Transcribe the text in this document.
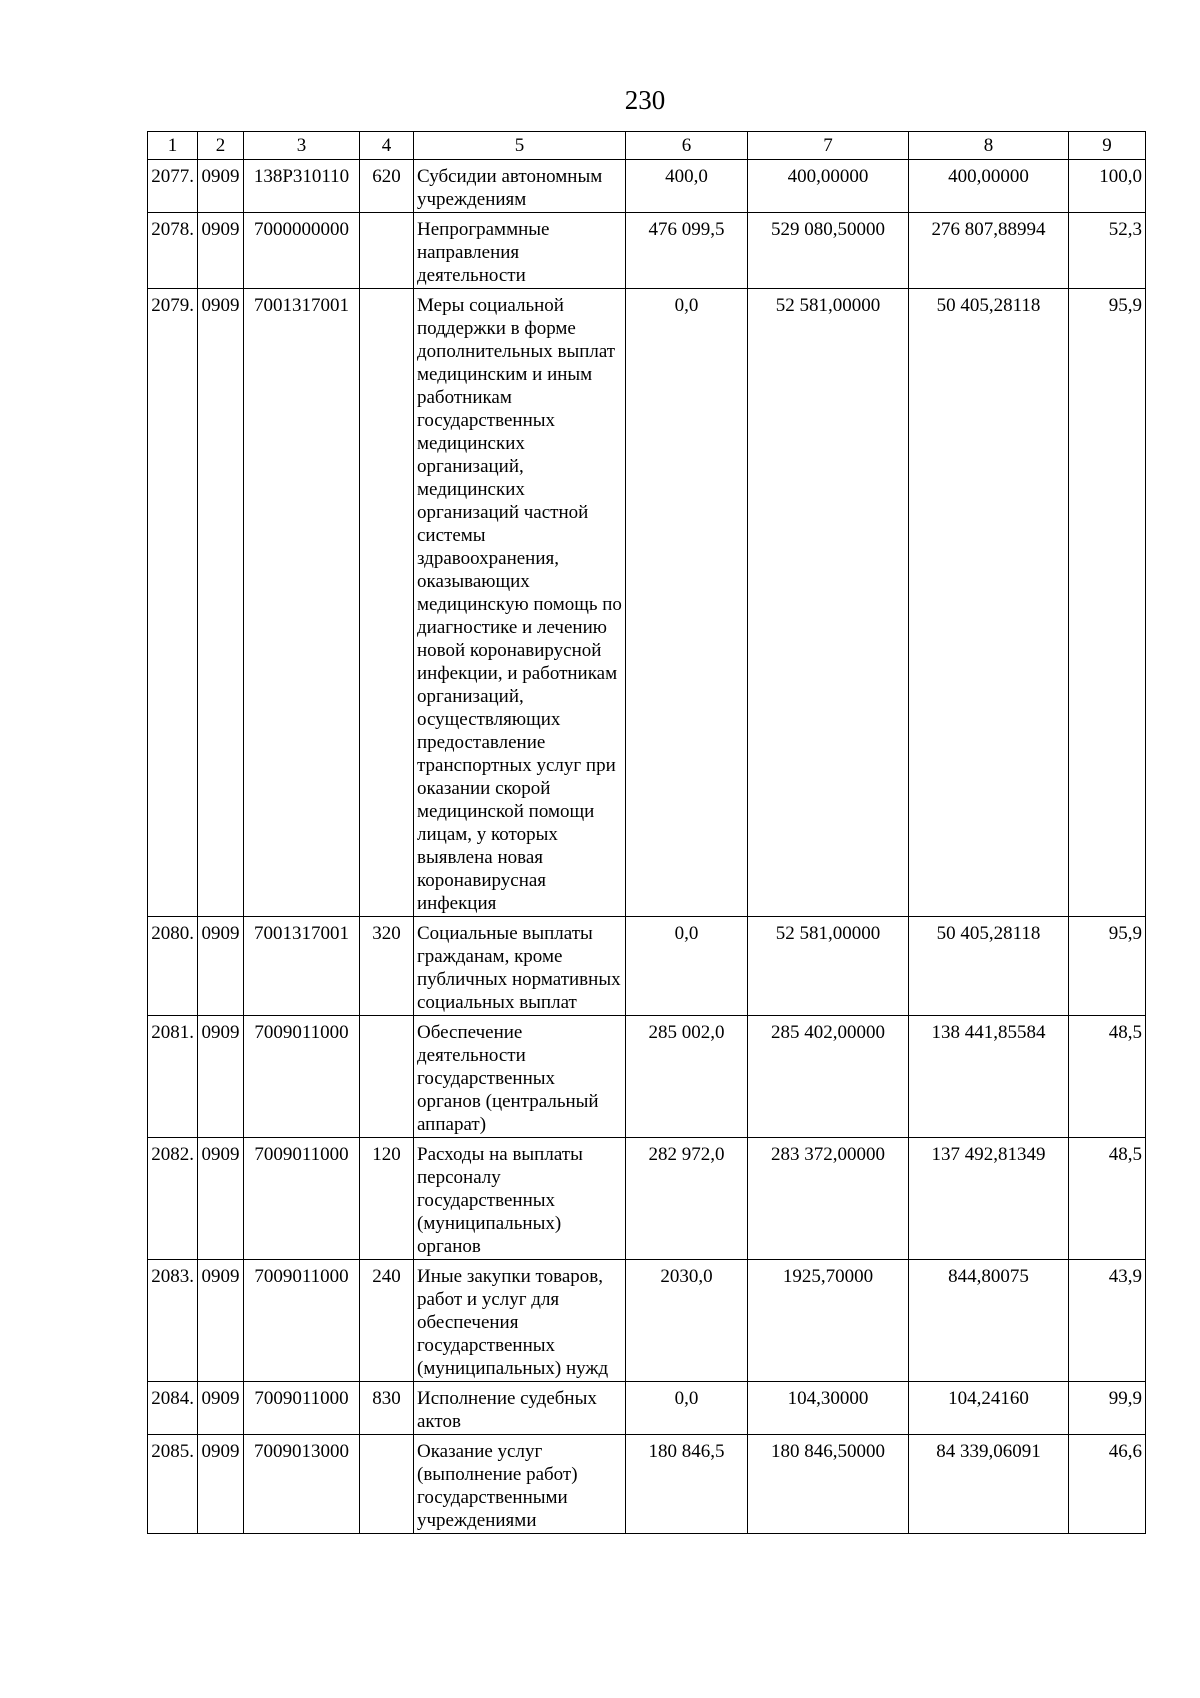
230
1	2	3	4	5	6	7	8	9
2077.	0909	138Р310110	620	Субсидии автономным учреждениям	400,0	400,00000	400,00000	100,0
2078.	0909	7000000000		Непрограммные направления деятельности	476 099,5	529 080,50000	276 807,88994	52,3
2079.	0909	7001317001		Меры социальной поддержки в форме дополнительных выплат медицинским и иным работникам государственных медицинских организаций, медицинских организаций частной системы здравоохранения, оказывающих медицинскую помощь по диагностике и лечению новой коронавирусной инфекции, и работникам организаций, осуществляющих предоставление транспортных услуг при оказании скорой медицинской помощи лицам, у которых выявлена новая коронавирусная инфекция	0,0	52 581,00000	50 405,28118	95,9
2080.	0909	7001317001	320	Социальные выплаты гражданам, кроме публичных нормативных социальных выплат	0,0	52 581,00000	50 405,28118	95,9
2081.	0909	7009011000		Обеспечение деятельности государственных органов (центральный аппарат)	285 002,0	285 402,00000	138 441,85584	48,5
2082.	0909	7009011000	120	Расходы на выплаты персоналу государственных (муниципальных) органов	282 972,0	283 372,00000	137 492,81349	48,5
2083.	0909	7009011000	240	Иные закупки товаров, работ и услуг для обеспечения государственных (муниципальных) нужд	2030,0	1925,70000	844,80075	43,9
2084.	0909	7009011000	830	Исполнение судебных актов	0,0	104,30000	104,24160	99,9
2085.	0909	7009013000		Оказание услуг (выполнение работ) государственными учреждениями	180 846,5	180 846,50000	84 339,06091	46,6
